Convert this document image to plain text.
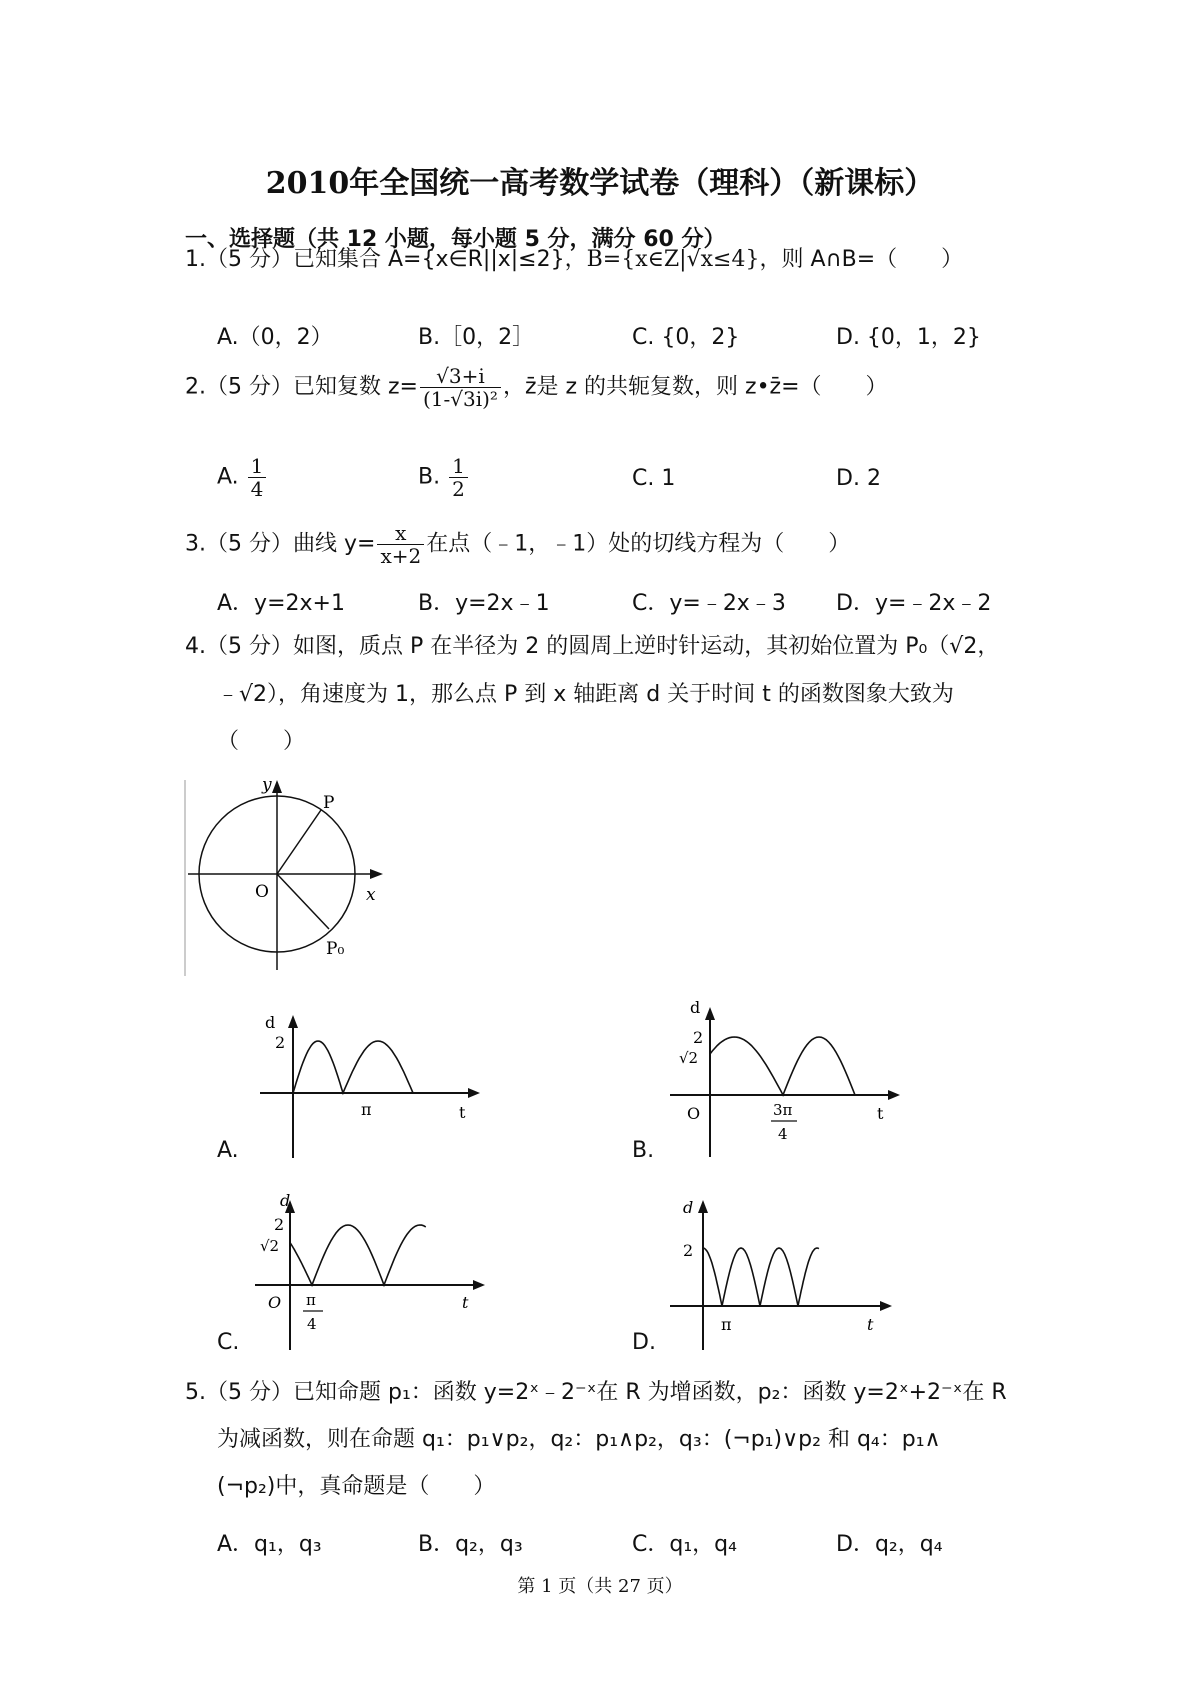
2010年全国统一高考数学试卷（理科）（新课标）
一、选择题（共 12 小题，每小题 5 分，满分 60 分）
1.（5 分）已知集合 A={x∈R||x|≤2}，B={x∈Z|√x≤4}，则 A∩B=（　　）
A.（0，2）	B.［0，2］	C. {0，2}	D. {0，1，2}
2.（5 分）已知复数 $z= \frac{√3+i}{\text{(1-√3i)²}}$ ，z̄是 z 的共轭复数，则 z•z̄=（　　）
A. $\frac{1}{4}$	B. $\frac{1}{2}$	C. 1	D. 2
3.（5 分）曲线 $y= \frac{x}{x+2}$ 在点（﹣1，﹣1）处的切线方程为（　　）
A．y=2x+1	B．y=2x﹣1	C．y=﹣2x﹣3 D．y=﹣2x﹣2
4.（5 分）如图，质点 P 在半径为 2 的圆周上逆时针运动，其初始位置为 P₀（√2，
﹣√2），角速度为 1，那么点 P 到 x 轴距离 d 关于时间 t 的函数图象大致为
（　　）
y
x
O
P
P₀
A.
d
2
π	t
B.
d
2
√2
O	3π
4
t
C.
d
2
√2
O π
4
t
D.
d
2
π	t
5.（5 分）已知命题 p₁：函数 y=2ˣ﹣2⁻ˣ在 R 为增函数，p₂：函数 y=2ˣ+2⁻ˣ在 R
为减函数，则在命题 q₁：p₁∨p₂，q₂：p₁∧p₂，q₃：(¬p₁)∨p₂ 和 q₄：p₁∧
(¬p₂)中，真命题是（　　）
A．q₁，q₃	B．q₂，q₃	C．q₁，q₄	D．q₂，q₄
第 1 页（共 27 页）
